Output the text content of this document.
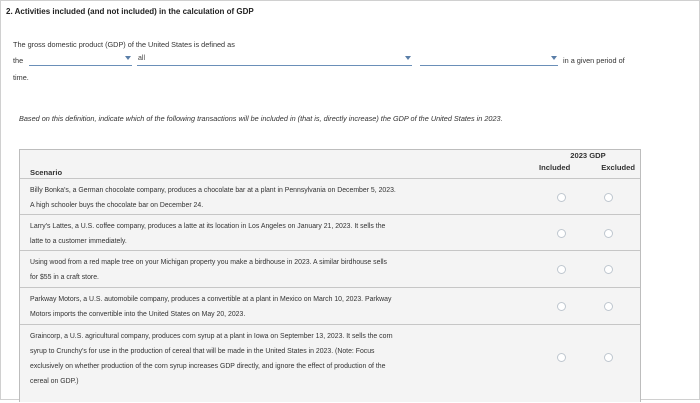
2. Activities included (and not included) in the calculation of GDP
The gross domestic product (GDP) of the United States is defined as
the	all	in a given period of
time.
Based on this definition, indicate which of the following transactions will be included in (that is, directly increase) the GDP of the United States in 2023.
2023 GDP
Included	Excluded
Scenario
Billy Bonka's, a German chocolate company, produces a chocolate bar at a plant in Pennsylvania on December 5, 2023.
A high schooler buys the chocolate bar on December 24.
Larry's Lattes, a U.S. coffee company, produces a latte at its location in Los Angeles on January 21, 2023. It sells the
latte to a customer immediately.
Using wood from a red maple tree on your Michigan property you make a birdhouse in 2023. A similar birdhouse sells
for $55 in a craft store.
Parkway Motors, a U.S. automobile company, produces a convertible at a plant in Mexico on March 10, 2023. Parkway
Motors imports the convertible into the United States on May 20, 2023.
Graincorp, a U.S. agricultural company, produces corn syrup at a plant in Iowa on September 13, 2023. It sells the corn
syrup to Crunchy's for use in the production of cereal that will be made in the United States in 2023. (Note: Focus
exclusively on whether production of the corn syrup increases GDP directly, and ignore the effect of production of the
cereal on GDP.)
